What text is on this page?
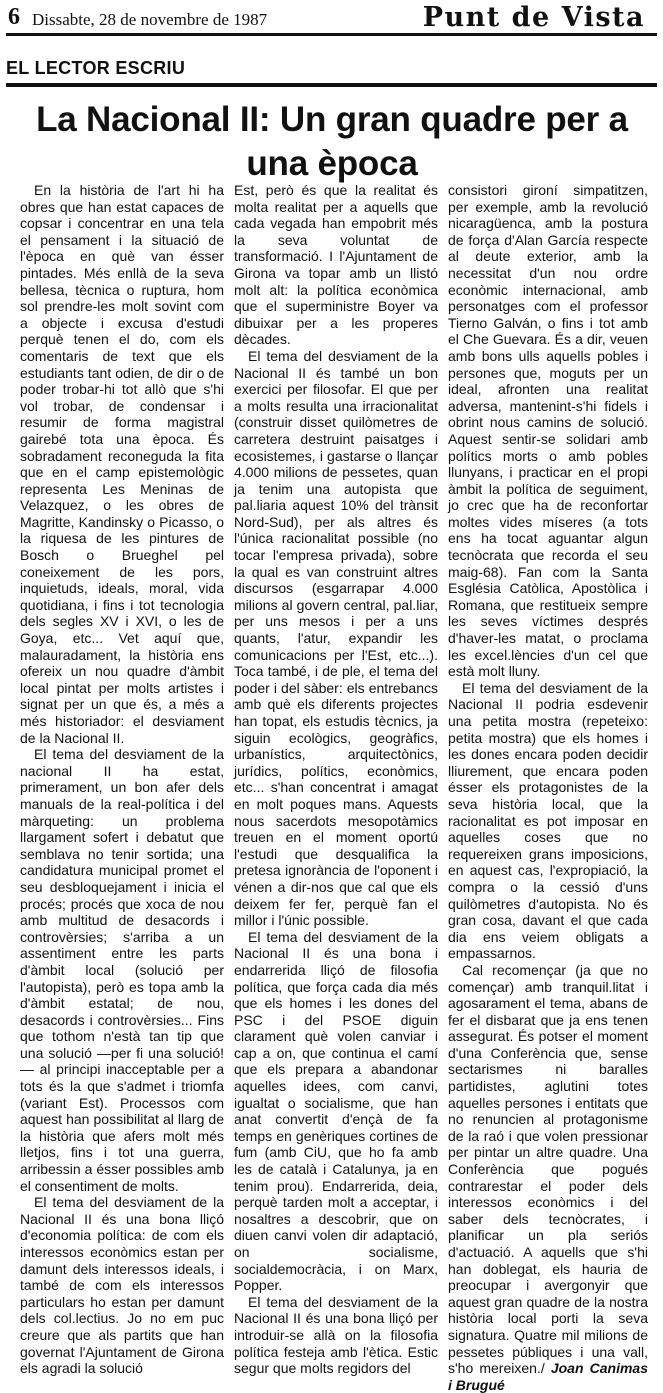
6 Dissabte, 28 de novembre de 1987	Punt de Vista
EL LECTOR ESCRIU
La Nacional II: Un gran quadre per a una època

En la història de l'art hi ha obres que han estat capaces de copsar i concentrar en una tela el pensament i la situació de l'època en què van ésser pintades. Més enllà de la seva bellesa, tècnica o ruptura, hom sol prendre-les molt sovint com a objecte i excusa d'estudi perquè tenen el do, com els comentaris de text que els estudiants tant odien, de dir o de poder trobar-hi tot allò que s'hi vol trobar, de condensar i resumir de forma magistral gairebé tota una època. És sobradament reconeguda la fita que en el camp epistemològic representa Les Meninas de Velazquez, o les obres de Magritte, Kandinsky o Picasso, o la riquesa de les pintures de Bosch o Brueghel pel coneixement de les pors, inquietuds, ideals, moral, vida quotidiana, i fins i tot tecnologia dels segles XV i XVI, o les de Goya, etc... Vet aquí que, malauradament, la història ens ofereix un nou quadre d'àmbit local pintat per molts artistes i signat per un que és, a més a més historiador: el desviament de la Nacional II.

El tema del desviament de la nacional II ha estat, primerament, un bon afer dels manuals de la real-política i del màrqueting: un problema llargament sofert i debatut que semblava no tenir sortida; una candidatura municipal promet el seu desbloquejament i inicia el procés; procés que xoca de nou amb multitud de desacords i controvèrsies; s'arriba a un assentiment entre les parts d'àmbit local (solució per l'autopista), però es topa amb la d'àmbit estatal; de nou, desacords i controvèrsies... Fins que tothom n'està tan tip que una solució —per fi una solució!— al principi inacceptable per a tots és la que s'admet i triomfa (variant Est). Processos com aquest han possibilitat al llarg de la història que afers molt més lletjos, fins i tot una guerra, arribessin a ésser possibles amb el consentiment de molts.

El tema del desviament de la Nacional II és una bona lliçó d'economia política: de com els interessos econòmics estan per damunt dels interessos ideals, i també de com els interessos particulars ho estan per damunt dels col.lectius. Jo no em puc creure que als partits que han governat l'Ajuntament de Girona els agradi la solució

Est, però és que la realitat és molta realitat per a aquells que cada vegada han empobrit més la seva voluntat de transformació. I l'Ajuntament de Girona va topar amb un llistó molt alt: la política econòmica que el superministre Boyer va dibuixar per a les properes dècades.

El tema del desviament de la Nacional II és també un bon exercici per filosofar. El que per a molts resulta una irracionalitat (construir disset quilòmetres de carretera destruint paisatges i ecosistemes, i gastarse o llançar 4.000 milions de pessetes, quan ja tenim una autopista que pal.liaria aquest 10% del trànsit Nord-Sud), per als altres és l'única racionalitat possible (no tocar l'empresa privada), sobre la qual es van construint altres discursos (esgarrapar 4.000 milions al govern central, pal.liar, per uns mesos i per a uns quants, l'atur, expandir les comunicacions per l'Est, etc...). Toca també, i de ple, el tema del poder i del sàber: els entrebancs amb què els diferents projectes han topat, els estudis tècnics, ja siguin ecològics, geogràfics, urbanístics, arquitectònics, jurídics, polítics, econòmics, etc... s'han concentrat i amagat en molt poques mans. Aquests nous sacerdots mesopotàmics treuen en el moment oportú l'estudi que desqualifica la pretesa ignorància de l'oponent i vénen a dir-nos que cal que els deixem fer fer, perquè fan el millor i l'únic possible.

El tema del desviament de la Nacional II és una bona i endarrerida lliçó de filosofia política, que força cada dia més que els homes i les dones del PSC i del PSOE diguin clarament què volen canviar i cap a on, que continua el camí que els prepara a abandonar aquelles idees, com canvi, igualtat o socialisme, que han anat convertit d'ençà de fa temps en genèriques cortines de fum (amb CiU, que ho fa amb les de català i Catalunya, ja en tenim prou). Endarrerida, deia, perquè tarden molt a acceptar, i nosaltres a descobrir, que on diuen canvi volen dir adaptació, on socialisme, socialdemocràcia, i on Marx, Popper.

El tema del desviament de la Nacional II és una bona lliçó per introduir-se allà on la filosofia política festeja amb l'ètica. Estic segur que molts regidors del

consistori gironí simpatitzen, per exemple, amb la revolució nicaragüenca, amb la postura de força d'Alan García respecte al deute exterior, amb la necessitat d'un nou ordre econòmic internacional, amb personatges com el professor Tierno Galván, o fins i tot amb el Che Guevara. És a dir, veuen amb bons ulls aquells pobles i persones que, moguts per un ideal, afronten una realitat adversa, mantenint-s'hi fidels i obrint nous camins de solució. Aquest sentir-se solidari amb polítics morts o amb pobles llunyans, i practicar en el propi àmbit la política de seguiment, jo crec que ha de reconfortar moltes vides míseres (a tots ens ha tocat aguantar algun tecnòcrata que recorda el seu maig-68). Fan com la Santa Església Catòlica, Apostòlica i Romana, que restitueix sempre les seves víctimes després d'haver-les matat, o proclama les excel.lències d'un cel que està molt lluny.

El tema del desviament de la Nacional II podria esdevenir una petita mostra (repeteixo: petita mostra) que els homes i les dones encara poden decidir lliurement, que encara poden ésser els protagonistes de la seva història local, que la racionalitat es pot imposar en aquelles coses que no requereixen grans imposicions, en aquest cas, l'expropiació, la compra o la cessió d'uns quilòmetres d'autopista. No és gran cosa, davant el que cada dia ens veiem obligats a empassarnos.

Cal recomençar (ja que no començar) amb tranquil.litat i agosarament el tema, abans de fer el disbarat que ja ens tenen assegurat. És potser el moment d'una Conferència que, sense sectarismes ni baralles partidistes, aglutini totes aquelles persones i entitats que no renuncien al protagonisme de la raó i que volen pressionar per pintar un altre quadre. Una Conferència que pogués contrarestar el poder dels interessos econòmics i del saber dels tecnòcrates, i planificar un pla seriós d'actuació. A aquells que s'hi han doblegat, els hauria de preocupar i avergonyir que aquest gran quadre de la nostra història local porti la seva signatura. Quatre mil milions de pessetes públiques i una vall, s'ho mereixen./ Joan Canimas i Brugué
